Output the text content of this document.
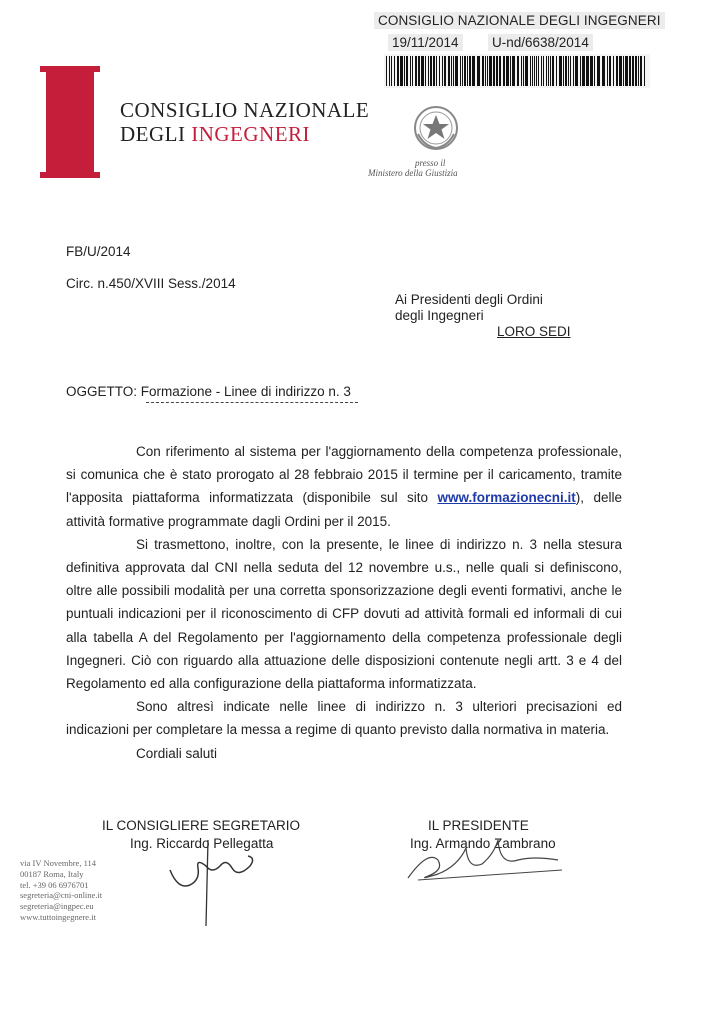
CONSIGLIO NAZIONALE DEGLI INGEGNERI
19/11/2014 U-nd/6638/2014
CONSIGLIO NAZIONALE
DEGLI INGEGNERI
presso il
Ministero della Giustizia
FB/U/2014
Circ. n.450/XVIII Sess./2014
Ai Presidenti degli Ordini
degli Ingegneri
LORO SEDI
OGGETTO: Formazione - Linee di indirizzo n. 3

Con riferimento al sistema per l'aggiornamento della competenza professionale, si comunica che è stato prorogato al 28 febbraio 2015 il termine per il caricamento, tramite l'apposita piattaforma informatizzata (disponibile sul sito www.formazionecni.it), delle attività formative programmate dagli Ordini per il 2015.

Si trasmettono, inoltre, con la presente, le linee di indirizzo n. 3 nella stesura definitiva approvata dal CNI nella seduta del 12 novembre u.s., nelle quali si definiscono, oltre alle possibili modalità per una corretta sponsorizzazione degli eventi formativi, anche le puntuali indicazioni per il riconoscimento di CFP dovuti ad attività formali ed informali di cui alla tabella A del Regolamento per l'aggiornamento della competenza professionale degli Ingegneri. Ciò con riguardo alla attuazione delle disposizioni contenute negli artt. 3 e 4 del Regolamento ed alla configurazione della piattaforma informatizzata.

Sono altresì indicate nelle linee di indirizzo n. 3 ulteriori precisazioni ed indicazioni per completare la messa a regime di quanto previsto dalla normativa in materia.

Cordiali saluti

IL CONSIGLIERE SEGRETARIO
Ing. Riccardo Pellegatta
IL PRESIDENTE
Ing. Armando Zambrano
via IV Novembre, 114
00187 Roma, Italy
tel. +39 06 6976701
segreteria@cni-online.it
segreteria@ingpec.eu
www.tuttoingegnere.it
